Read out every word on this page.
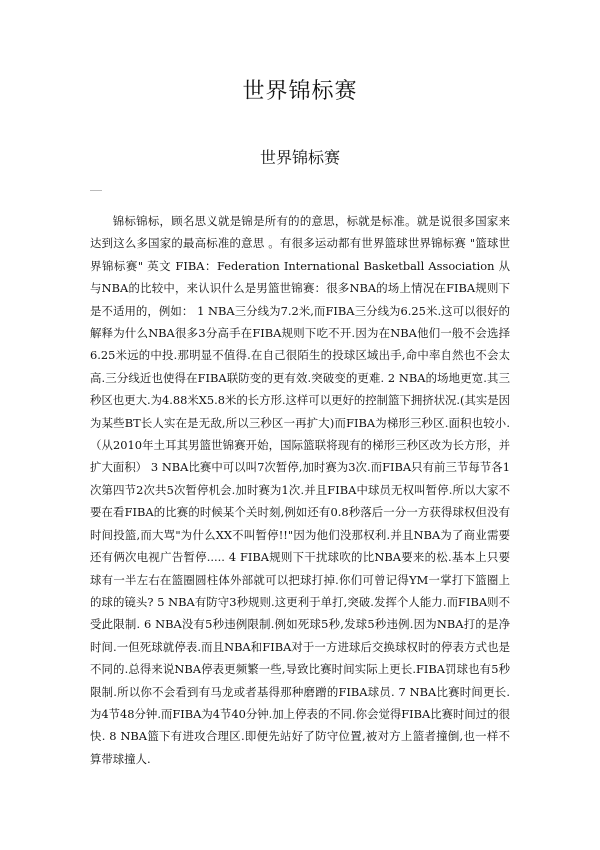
世界锦标赛
世界锦标赛

锦标锦标，顾名思义就是锦是所有的的意思，标就是标准。就是说很多国家来达到这么多国家的最高标准的意思 。有很多运动都有世界篮球世界锦标赛 "篮球世界锦标赛" 英文 FIBA：Federation International Basketball Association 从与NBA的比较中，来认识什么是男篮世锦赛：很多NBA的场上情况在FIBA规则下是不适用的，例如： 1 NBA三分线为7.2米,而FIBA三分线为6.25米.这可以很好的解释为什么NBA很多3分高手在FIBA规则下吃不开.因为在NBA他们一般不会选择6.25米远的中投.那明显不值得.在自己很陌生的投球区域出手,命中率自然也不会太高.三分线近也使得在FIBA联防变的更有效.突破变的更难. 2 NBA的场地更宽.其三秒区也更大.为4.88米X5.8米的长方形.这样可以更好的控制篮下拥挤状况.(其实是因为某些BT长人实在是无敌,所以三秒区一再扩大)而FIBA为梯形三秒区.面积也较小. （从2010年土耳其男篮世锦赛开始，国际篮联将现有的梯形三秒区改为长方形，并扩大面积） 3 NBA比赛中可以叫7次暂停,加时赛为3次.而FIBA只有前三节每节各1次第四节2次共5次暂停机会.加时赛为1次.并且FIBA中球员无权叫暂停.所以大家不要在看FIBA的比赛的时候某个关时刻,例如还有0.8秒落后一分一方获得球权但没有时间投篮,而大骂"为什么XX不叫暂停!!"因为他们没那权利.并且NBA为了商业需要还有俩次电视广告暂停..... 4 FIBA规则下干扰球吹的比NBA要来的松.基本上只要球有一半左右在篮圈圆柱体外部就可以把球打掉.你们可曾记得YM一掌打下篮圈上的球的镜头? 5 NBA有防守3秒规则.这更利于单打,突破.发挥个人能力.而FIBA则不受此限制. 6 NBA没有5秒违例限制.例如死球5秒,发球5秒违例.因为NBA打的是净时间.一但死球就停表.而且NBA和FIBA对于一方进球后交换球权时的停表方式也是不同的.总得来说NBA停表更频繁一些,导致比赛时间实际上更长.FIBA罚球也有5秒限制.所以你不会看到有马龙或者基得那种磨蹭的FIBA球员. 7 NBA比赛时间更长.为4节48分钟.而FIBA为4节40分钟.加上停表的不同.你会觉得FIBA比赛时间过的很快. 8 NBA篮下有进攻合理区.即便先站好了防守位置,被对方上篮者撞倒,也一样不算带球撞人.
